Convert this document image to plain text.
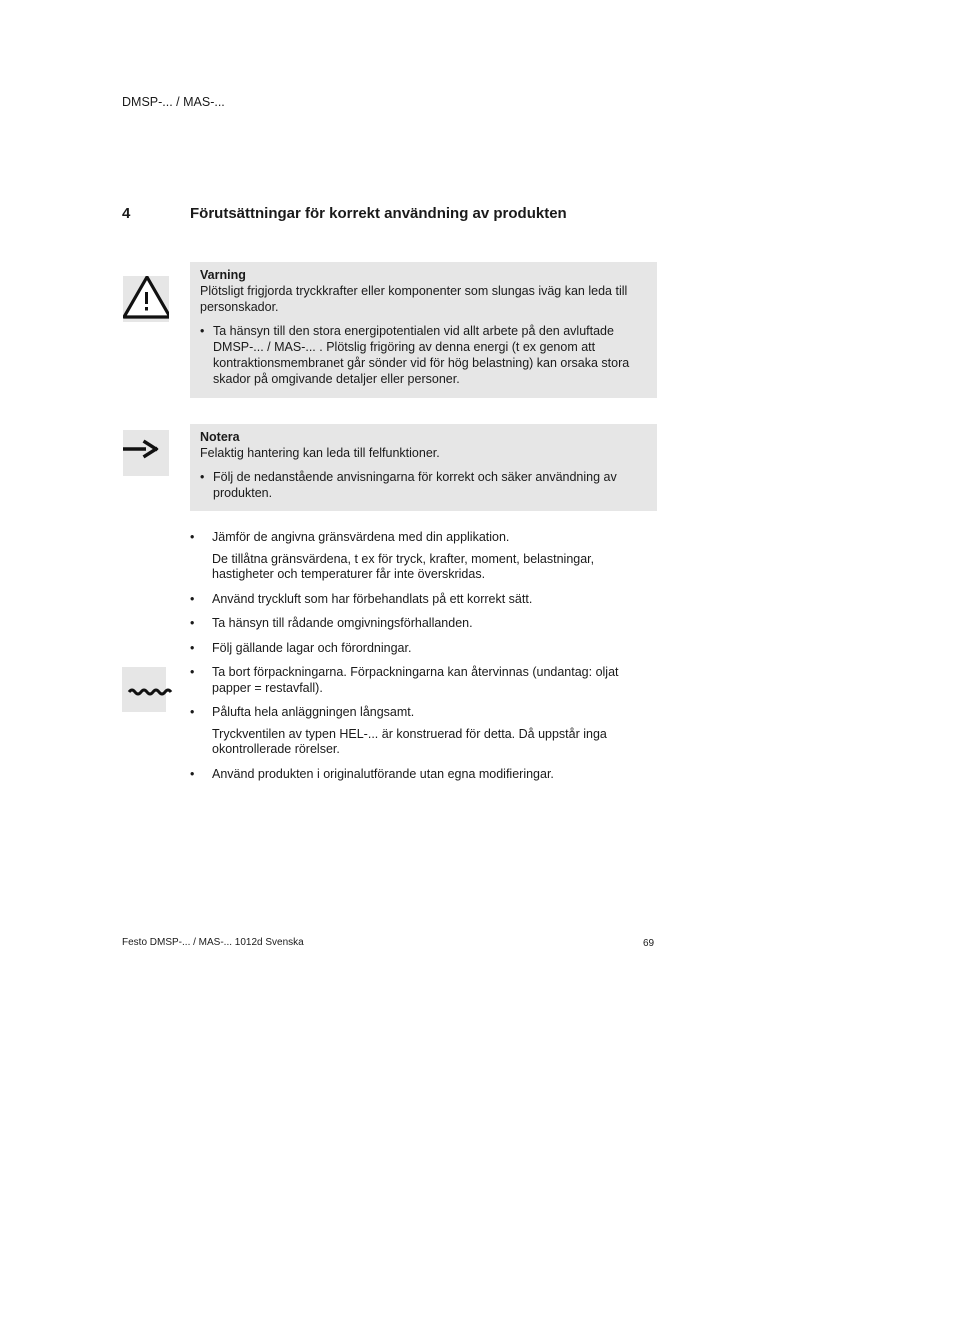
DMSP-... / MAS-...
4	Förutsättningar för korrekt användning av produkten
Varning
Plötsligt frigjorda tryckkrafter eller komponenter som slungas iväg kan leda till personskador.
• Ta hänsyn till den stora energipotentialen vid allt arbete på den avluftade DMSP-... / MAS-... . Plötslig frigöring av denna energi (t ex genom att kontraktionsmembranet går sönder vid för hög belastning) kan orsaka stora skador på omgivande detaljer eller personer.
Notera
Felaktig hantering kan leda till felfunktioner.
• Följ de nedanstående anvisningarna för korrekt och säker användning av produkten.
•	Jämför de angivna gränsvärdena med din applikation.
De tillåtna gränsvärdena, t ex för tryck, krafter, moment, belastningar, hastigheter och temperaturer får inte överskridas.
•	Använd tryckluft som har förbehandlats på ett korrekt sätt.
•	Ta hänsyn till rådande omgivningsförhallanden.
•	Följ gällande lagar och förordningar.
•	Ta bort förpackningarna. Förpackningarna kan återvinnas (undantag: oljat papper = restavfall).
•	Pålufta hela anläggningen långsamt.
Tryckventilen av typen HEL-... är konstruerad för detta. Då uppstår inga okontrollerade rörelser.
•	Använd produkten i originalutförande utan egna modifieringar.
Festo DMSP-... / MAS-... 1012d Svenska	69
